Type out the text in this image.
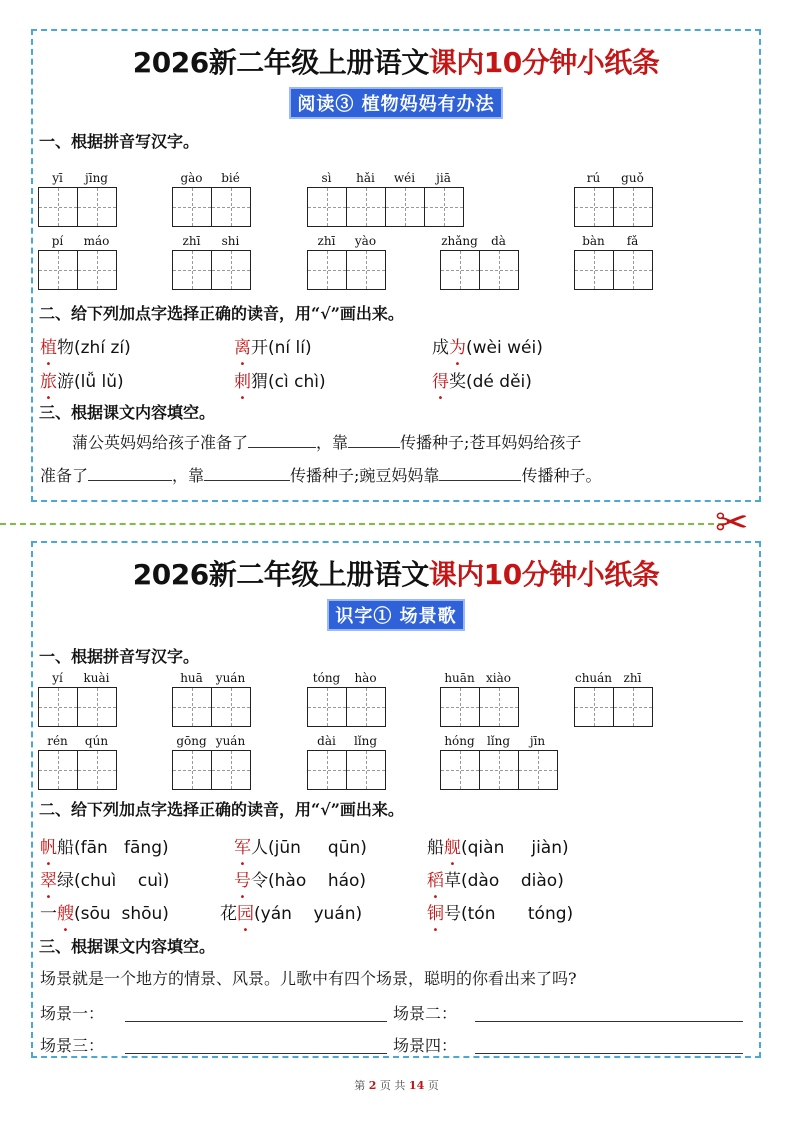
2026新二年级上册语文课内10分钟小纸条
阅读③ 植物妈妈有办法
一、根据拼音写汉字。
yī	jīng	gào	bié	sì	hǎi	wéi	jiā	rú	guǒ
pí	máo	zhī	shi	zhī	yào	zhǎng	dà	bàn	fǎ
二、给下列加点字选择正确的读音，用“√”画出来。
植物(zhí zí)	离开(ní lí)	成为(wèi wéi)
旅游(lǚ lǔ)	刺猬(cì chì)	得奖(dé děi)
三、根据课文内容填空。
蒲公英妈妈给孩子准备了	，靠	传播种子;苍耳妈妈给孩子
准备了	，靠	传播种子;豌豆妈妈靠	传播种子。
✂
2026新二年级上册语文课内10分钟小纸条
识字① 场景歌
一、根据拼音写汉字。
yí	kuài	huā	yuán	tóng	hào	huān xiào	chuán zhī
rén	qún	gōng yuán	dài	lǐng	hóng	lǐng	jīn
二、给下列加点字选择正确的读音，用“√”画出来。
帆船(fān   fāng)	军人(jūn     qūn)	船舰(qiàn     jiàn)
翠绿(chuì    cuì)	号令(hào    háo)	稻草(dào    diào)
一艘(sōu  shōu)	花园(yán    yuán)	铜号(tón      tóng)
三、根据课文内容填空。
场景就是一个地方的情景、风景。儿歌中有四个场景，聪明的你看出来了吗?
场景一：	场景二：
场景三：	场景四：
第 2 页 共 14 页
